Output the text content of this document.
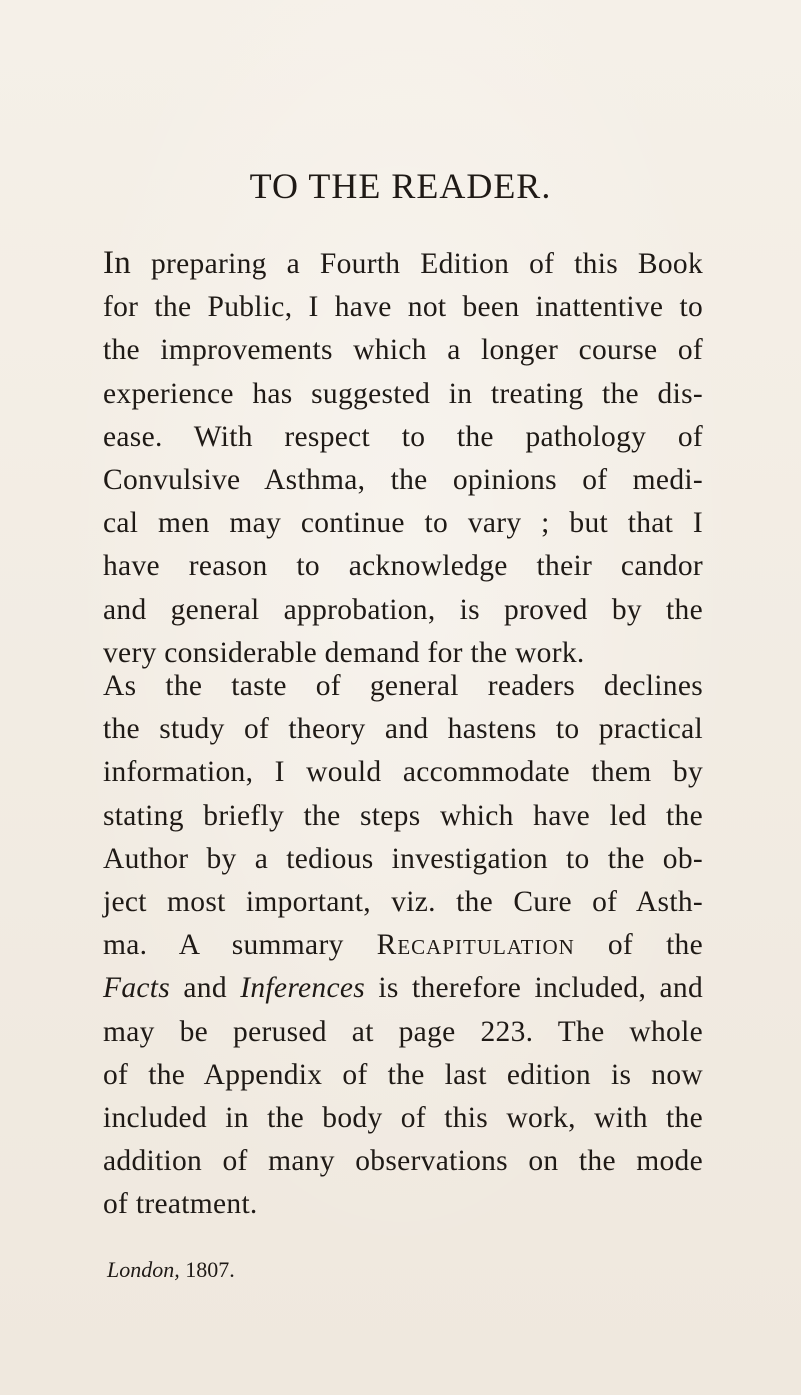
TO THE READER.
In preparing a Fourth Edition of this Book
for the Public, I have not been inattentive to
the improvements which a longer course of
experience has suggested in treating the dis-
ease. With respect to the pathology of
Convulsive Asthma, the opinions of medi-
cal men may continue to vary ; but that I
have reason to acknowledge their candor
and general approbation, is proved by the
very considerable demand for the work.
As the taste of general readers declines
the study of theory and hastens to practical
information, I would accommodate them by
stating briefly the steps which have led the
Author by a tedious investigation to the ob-
ject most important, viz. the Cure of Asth-
ma. A summary Recapitulation of the
Facts and Inferences is therefore included, and
may be perused at page 223. The whole
of the Appendix of the last edition is now
included in the body of this work, with the
addition of many observations on the mode
of treatment.
London, 1807.
